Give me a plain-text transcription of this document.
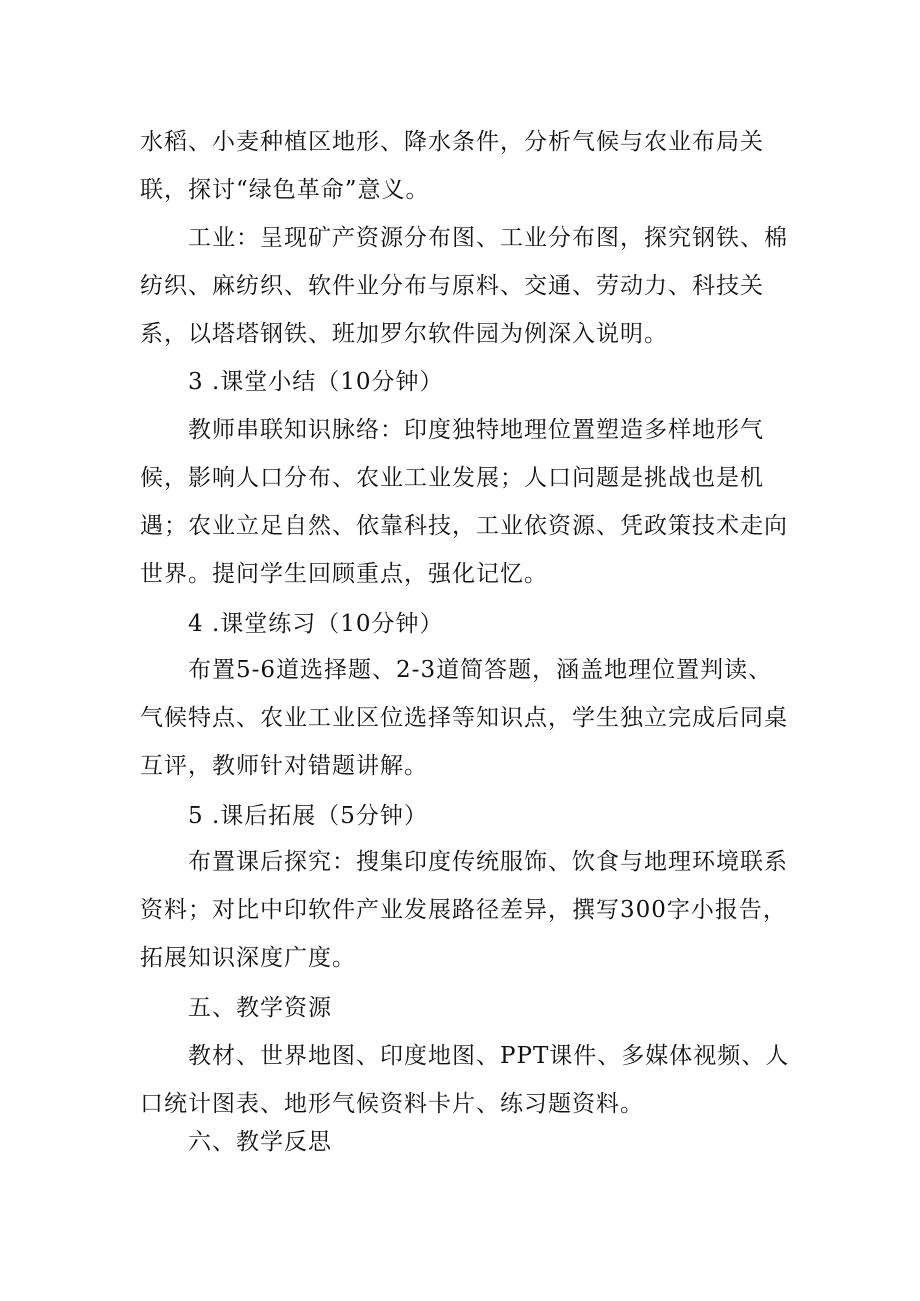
水稻、小麦种植区地形、降水条件，分析气候与农业布局关联，探讨“绿色革命”意义。

工业：呈现矿产资源分布图、工业分布图，探究钢铁、棉纺织、麻纺织、软件业分布与原料、交通、劳动力、科技关系，以塔塔钢铁、班加罗尔软件园为例深入说明。

3 .课堂小结（10分钟）

教师串联知识脉络：印度独特地理位置塑造多样地形气候，影响人口分布、农业工业发展；人口问题是挑战也是机遇；农业立足自然、依靠科技，工业依资源、凭政策技术走向世界。提问学生回顾重点，强化记忆。

4 .课堂练习（10分钟）

布置5-6道选择题、2-3道简答题，涵盖地理位置判读、气候特点、农业工业区位选择等知识点，学生独立完成后同桌互评，教师针对错题讲解。

5 .课后拓展（5分钟）

布置课后探究：搜集印度传统服饰、饮食与地理环境联系资料；对比中印软件产业发展路径差异，撰写300字小报告，拓展知识深度广度。

五、教学资源

教材、世界地图、印度地图、PPT课件、多媒体视频、人口统计图表、地形气候资料卡片、练习题资料。

六、教学反思
